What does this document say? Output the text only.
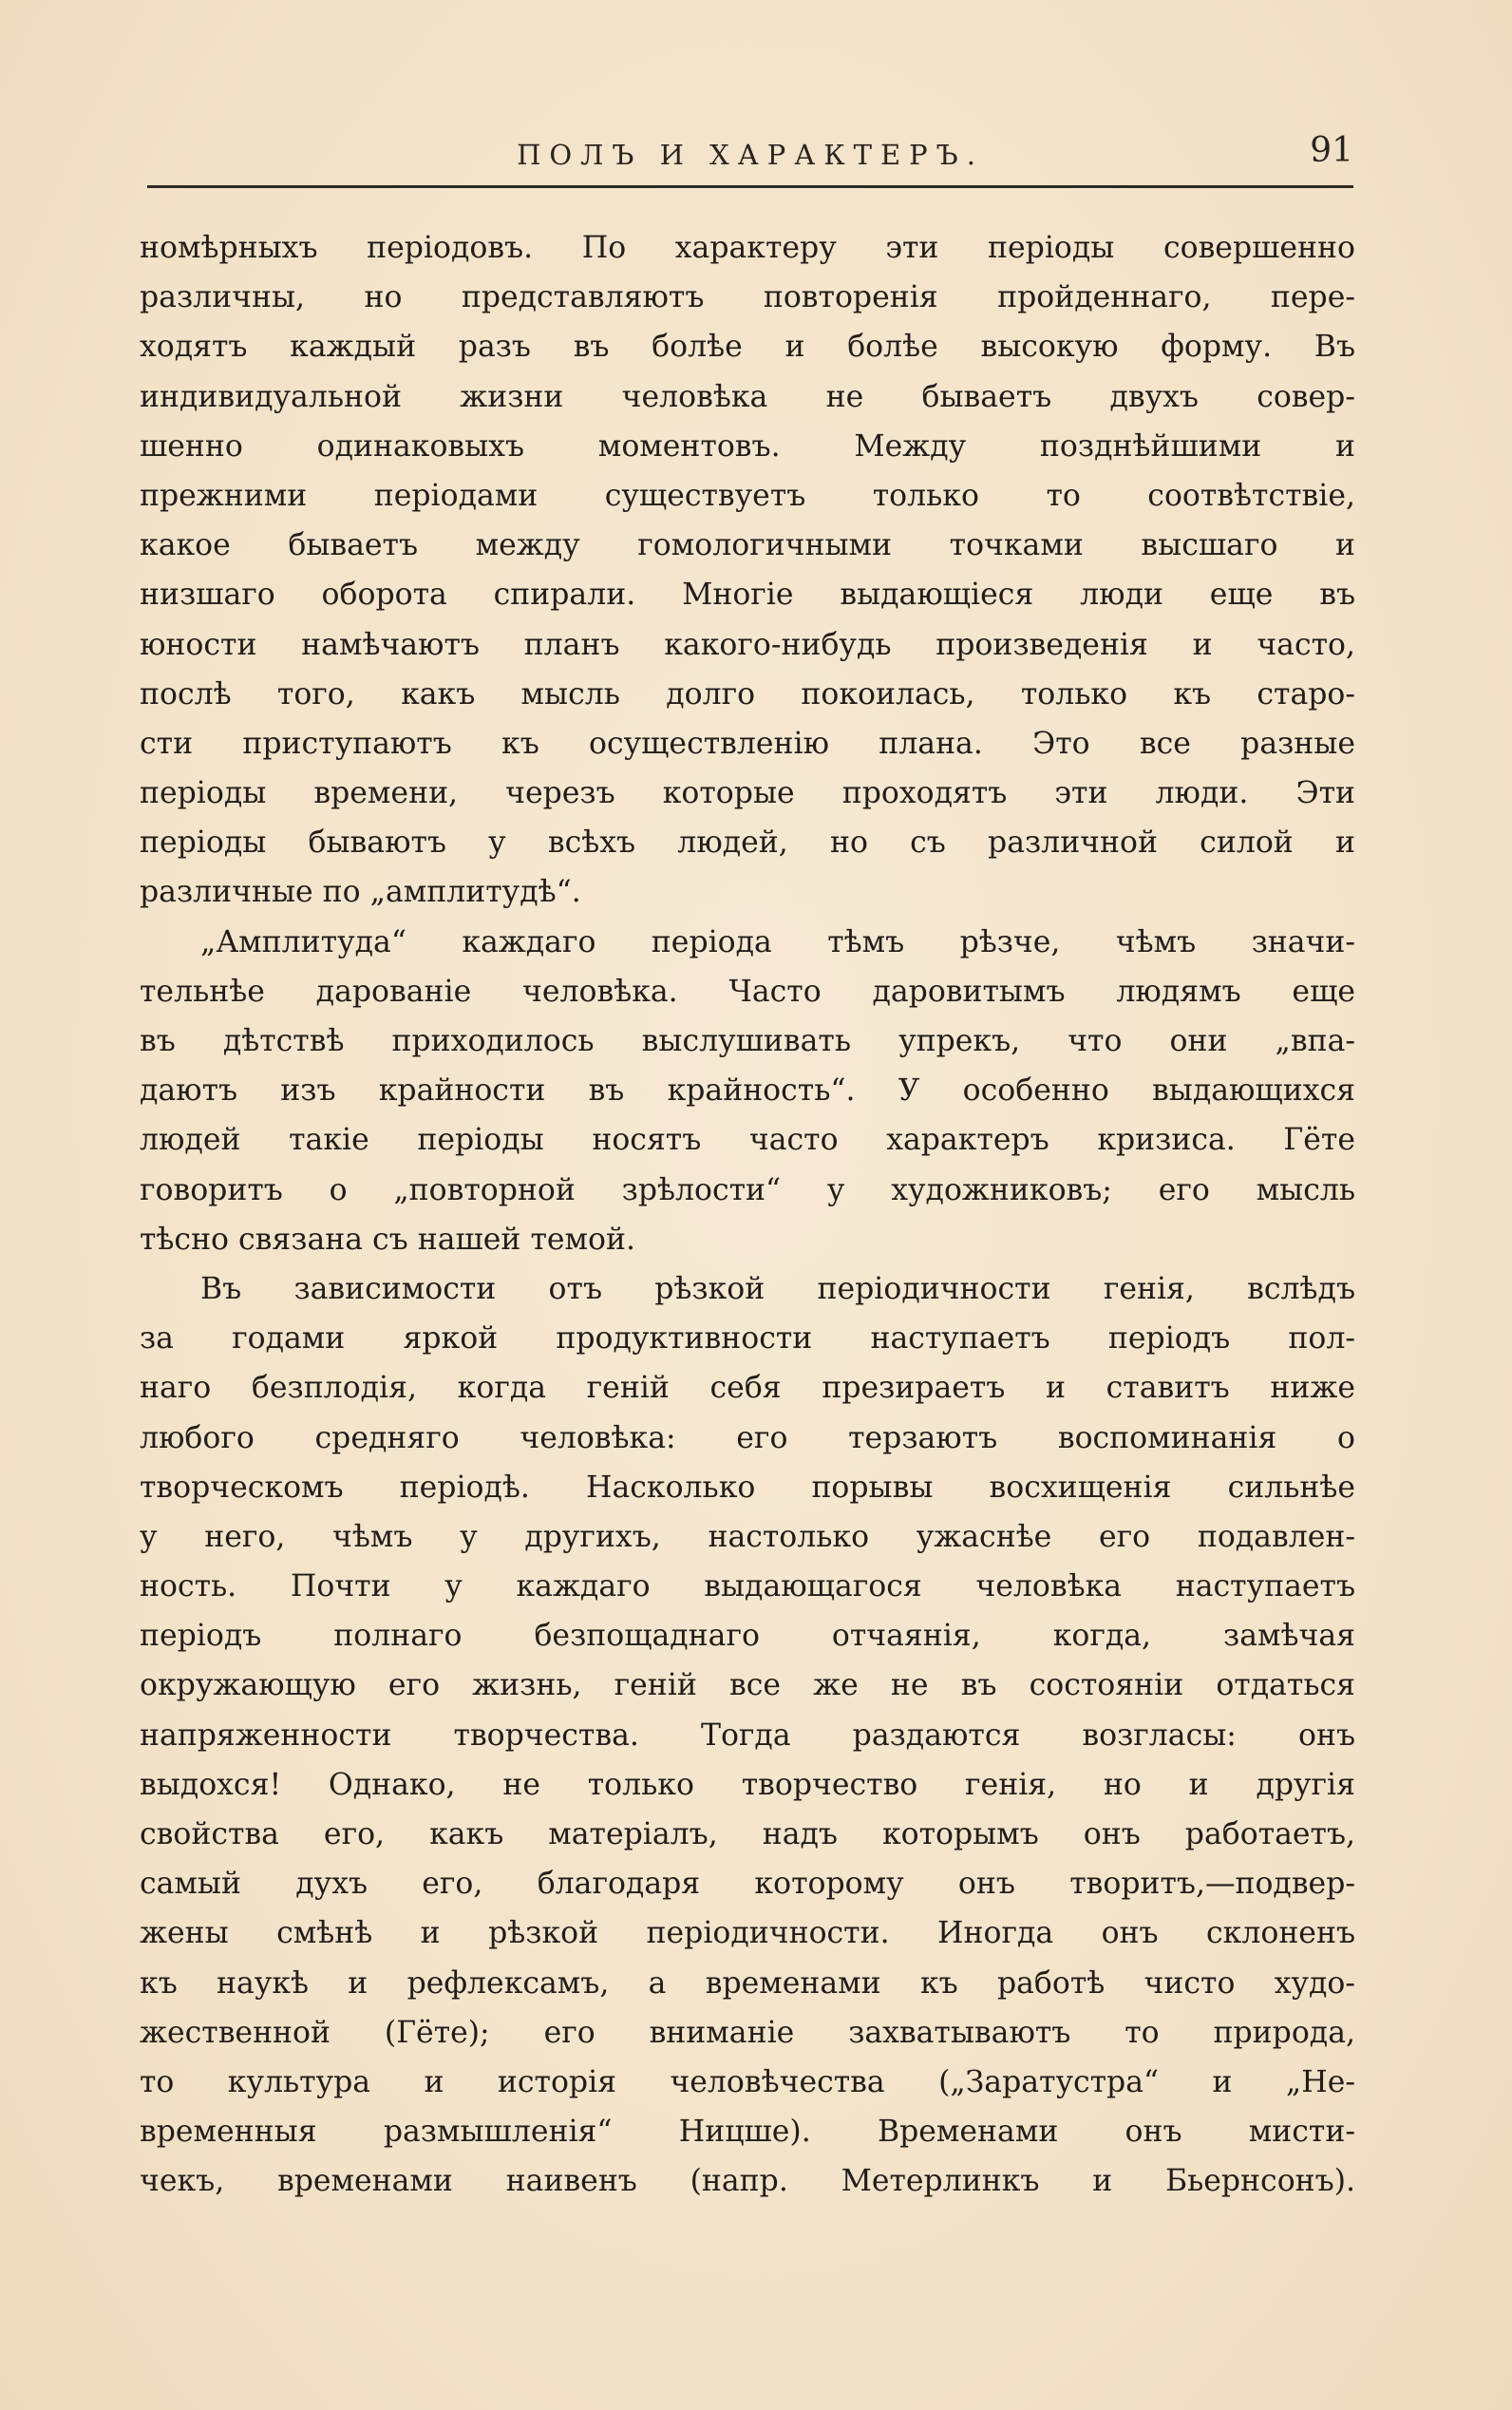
ПОЛЪ И ХАРАКТЕРЪ.	91
номѣрныхъ періодовъ. По характеру эти періоды совершенно
различны, но представляютъ повторенія пройденнаго, пере-
ходятъ каждый разъ въ болѣе и болѣе высокую форму. Въ
индивидуальной жизни человѣка не бываетъ двухъ совер-
шенно одинаковыхъ моментовъ. Между позднѣйшими и
прежними періодами существуетъ только то соотвѣтствіе,
какое бываетъ между гомологичными точками высшаго и
низшаго оборота спирали. Многіе выдающіеся люди еще въ
юности намѣчаютъ планъ какого-нибудь произведенія и часто,
послѣ того, какъ мысль долго покоилась, только къ старо-
сти приступаютъ къ осуществленію плана. Это все разные
періоды времени, черезъ которые проходятъ эти люди. Эти
періоды бываютъ у всѣхъ людей, но съ различной силой и
различные по „амплитудѣ“.
„Амплитуда“ каждаго періода тѣмъ рѣзче, чѣмъ значи-
тельнѣе дарованіе человѣка. Часто даровитымъ людямъ еще
въ дѣтствѣ приходилось выслушивать упрекъ, что они „впа-
даютъ изъ крайности въ крайность“. У особенно выдающихся
людей такіе періоды носятъ часто характеръ кризиса. Гёте
говоритъ о „повторной зрѣлости“ у художниковъ; его мысль
тѣсно связана съ нашей темой.
Въ зависимости отъ рѣзкой періодичности генія, вслѣдъ
за годами яркой продуктивности наступаетъ періодъ пол-
наго безплодія, когда геній себя презираетъ и ставитъ ниже
любого средняго человѣка: его терзаютъ воспоминанія о
творческомъ періодѣ. Насколько порывы восхищенія сильнѣе
у него, чѣмъ у другихъ, настолько ужаснѣе его подавлен-
ность. Почти у каждаго выдающагося человѣка наступаетъ
періодъ полнаго безпощаднаго отчаянія, когда, замѣчая
окружающую его жизнь, геній все же не въ состояніи отдаться
напряженности творчества. Тогда раздаются возгласы: онъ
выдохся! Однако, не только творчество генія, но и другія
свойства его, какъ матеріалъ, надъ которымъ онъ работаетъ,
самый духъ его, благодаря которому онъ творитъ,—подвер-
жены смѣнѣ и рѣзкой періодичности. Иногда онъ склоненъ
къ наукѣ и рефлексамъ, а временами къ работѣ чисто худо-
жественной (Гёте); его вниманіе захватываютъ то природа,
то культура и исторія человѣчества („Заратустра“ и „Не-
временныя размышленія“ Ницше). Временами онъ мисти-
чекъ, временами наивенъ (напр. Метерлинкъ и Бьернсонъ).
